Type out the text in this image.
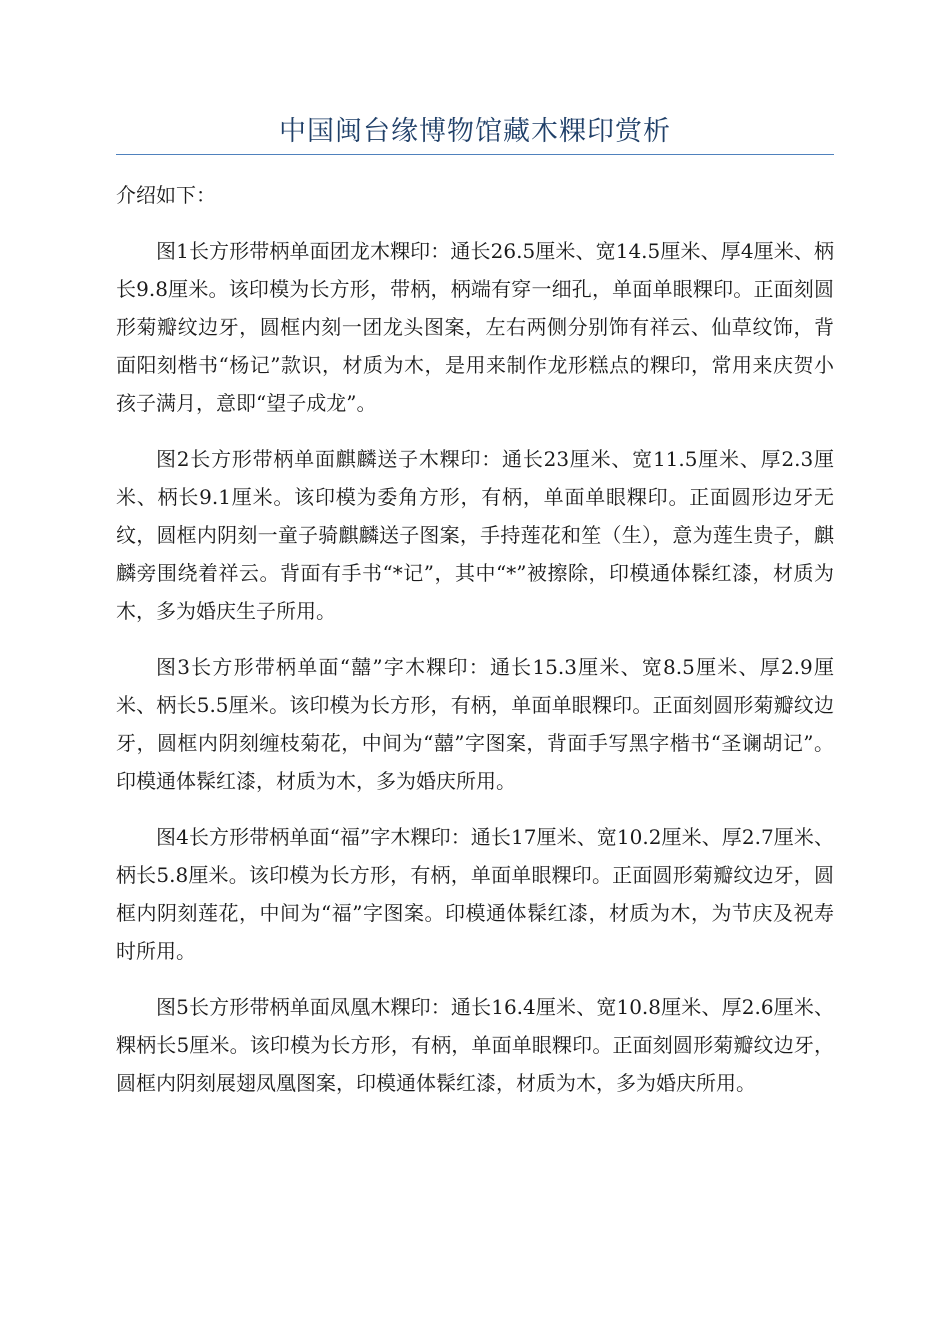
中国闽台缘博物馆藏木粿印赏析

介绍如下：

图1长方形带柄单面团龙木粿印：通长26.5厘米、宽14.5厘米、厚4厘米、柄长9.8厘米。该印模为长方形，带柄，柄端有穿一细孔，单面单眼粿印。正面刻圆形菊瓣纹边牙，圆框内刻一团龙头图案，左右两侧分别饰有祥云、仙草纹饰，背面阳刻楷书“杨记”款识，材质为木，是用来制作龙形糕点的粿印，常用来庆贺小孩子满月，意即“望子成龙”。

图2长方形带柄单面麒麟送子木粿印：通长23厘米、宽11.5厘米、厚2.3厘米、柄长9.1厘米。该印模为委角方形，有柄，单面单眼粿印。正面圆形边牙无纹，圆框内阴刻一童子骑麒麟送子图案，手持莲花和笙（生），意为莲生贵子，麒麟旁围绕着祥云。背面有手书“*记”，其中“*”被擦除，印模通体髹红漆，材质为木，多为婚庆生子所用。

图3长方形带柄单面“囍”字木粿印：通长15.3厘米、宽8.5厘米、厚2.9厘米、柄长5.5厘米。该印模为长方形，有柄，单面单眼粿印。正面刻圆形菊瓣纹边牙，圆框内阴刻缠枝菊花，中间为“囍”字图案，背面手写黑字楷书“圣谰胡记”。印模通体髹红漆，材质为木，多为婚庆所用。

图4长方形带柄单面“福”字木粿印：通长17厘米、宽10.2厘米、厚2.7厘米、柄长5.8厘米。该印模为长方形，有柄，单面单眼粿印。正面圆形菊瓣纹边牙，圆框内阴刻莲花，中间为“福”字图案。印模通体髹红漆，材质为木，为节庆及祝寿时所用。

图5长方形带柄单面凤凰木粿印：通长16.4厘米、宽10.8厘米、厚2.6厘米、粿柄长5厘米。该印模为长方形，有柄，单面单眼粿印。正面刻圆形菊瓣纹边牙，圆框内阴刻展翅凤凰图案，印模通体髹红漆，材质为木，多为婚庆所用。
